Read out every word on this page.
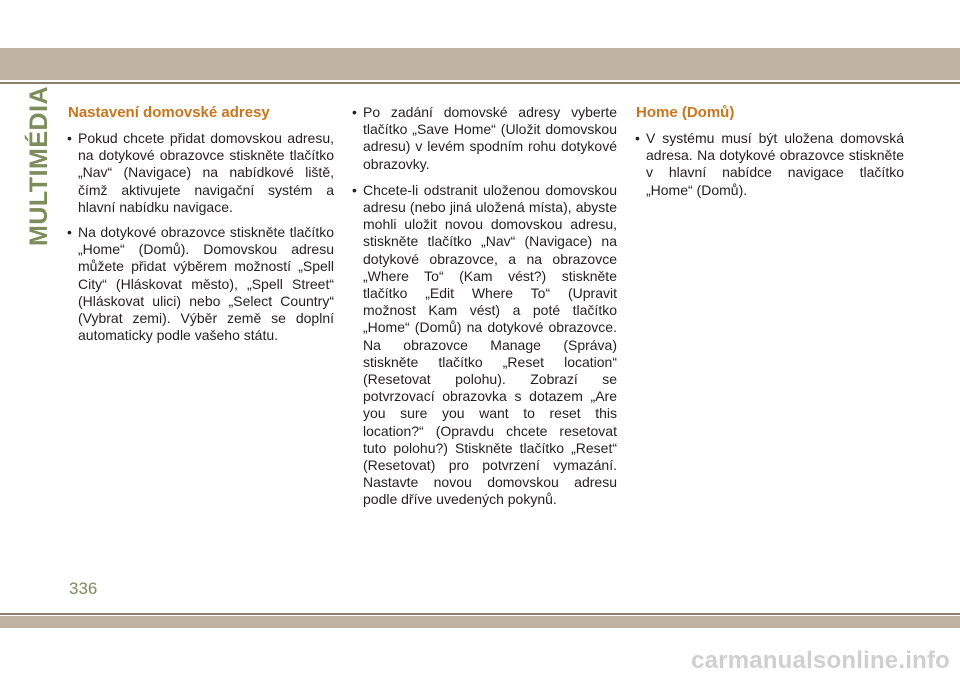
MULTIMÉDIA Nastavení domovské adresy
• Pokud chcete přidat domovskou adresu, na dotykové obrazovce stiskněte tlačítko „Nav“ (Navigace) na nabídkové liště, čímž aktivujete navigační systém a hlavní nabídku navigace.
• Na dotykové obrazovce stiskněte tlačítko „Home“ (Domů). Domovskou adresu můžete přidat výběrem možností „Spell City“ (Hláskovat město), „Spell Street“ (Hláskovat ulici) nebo „Select Country“ (Vybrat zemi). Výběr země se doplní automaticky podle vašeho státu.
• Po zadání domovské adresy vyberte tlačítko „Save Home“ (Uložit domovskou adresu) v levém spodním rohu dotykové obrazovky.
• Chcete-li odstranit uloženou domovskou adresu (nebo jiná uložená místa), abyste mohli uložit novou domovskou adresu, stiskněte tlačítko „Nav“ (Navigace) na dotykové obrazovce, a na obrazovce „Where To“ (Kam vést?) stiskněte tlačítko „Edit Where To“ (Upravit možnost Kam vést) a poté tlačítko „Home“ (Domů) na dotykové obrazovce. Na obrazovce Manage (Správa) stiskněte tlačítko „Reset location“ (Resetovat polohu). Zobrazí se potvrzovací obrazovka s dotazem „Are you sure you want to reset this location?“ (Opravdu chcete resetovat tuto polohu?) Stiskněte tlačítko „Reset“ (Resetovat) pro potvrzení vymazání. Nastavte novou domovskou adresu podle dříve uvedených pokynů.
Home (Domů)
• V systému musí být uložena domovská adresa. Na dotykové obrazovce stiskněte v hlavní nabídce navigace tlačítko „Home“ (Domů).
336
carmanualsonline.info
